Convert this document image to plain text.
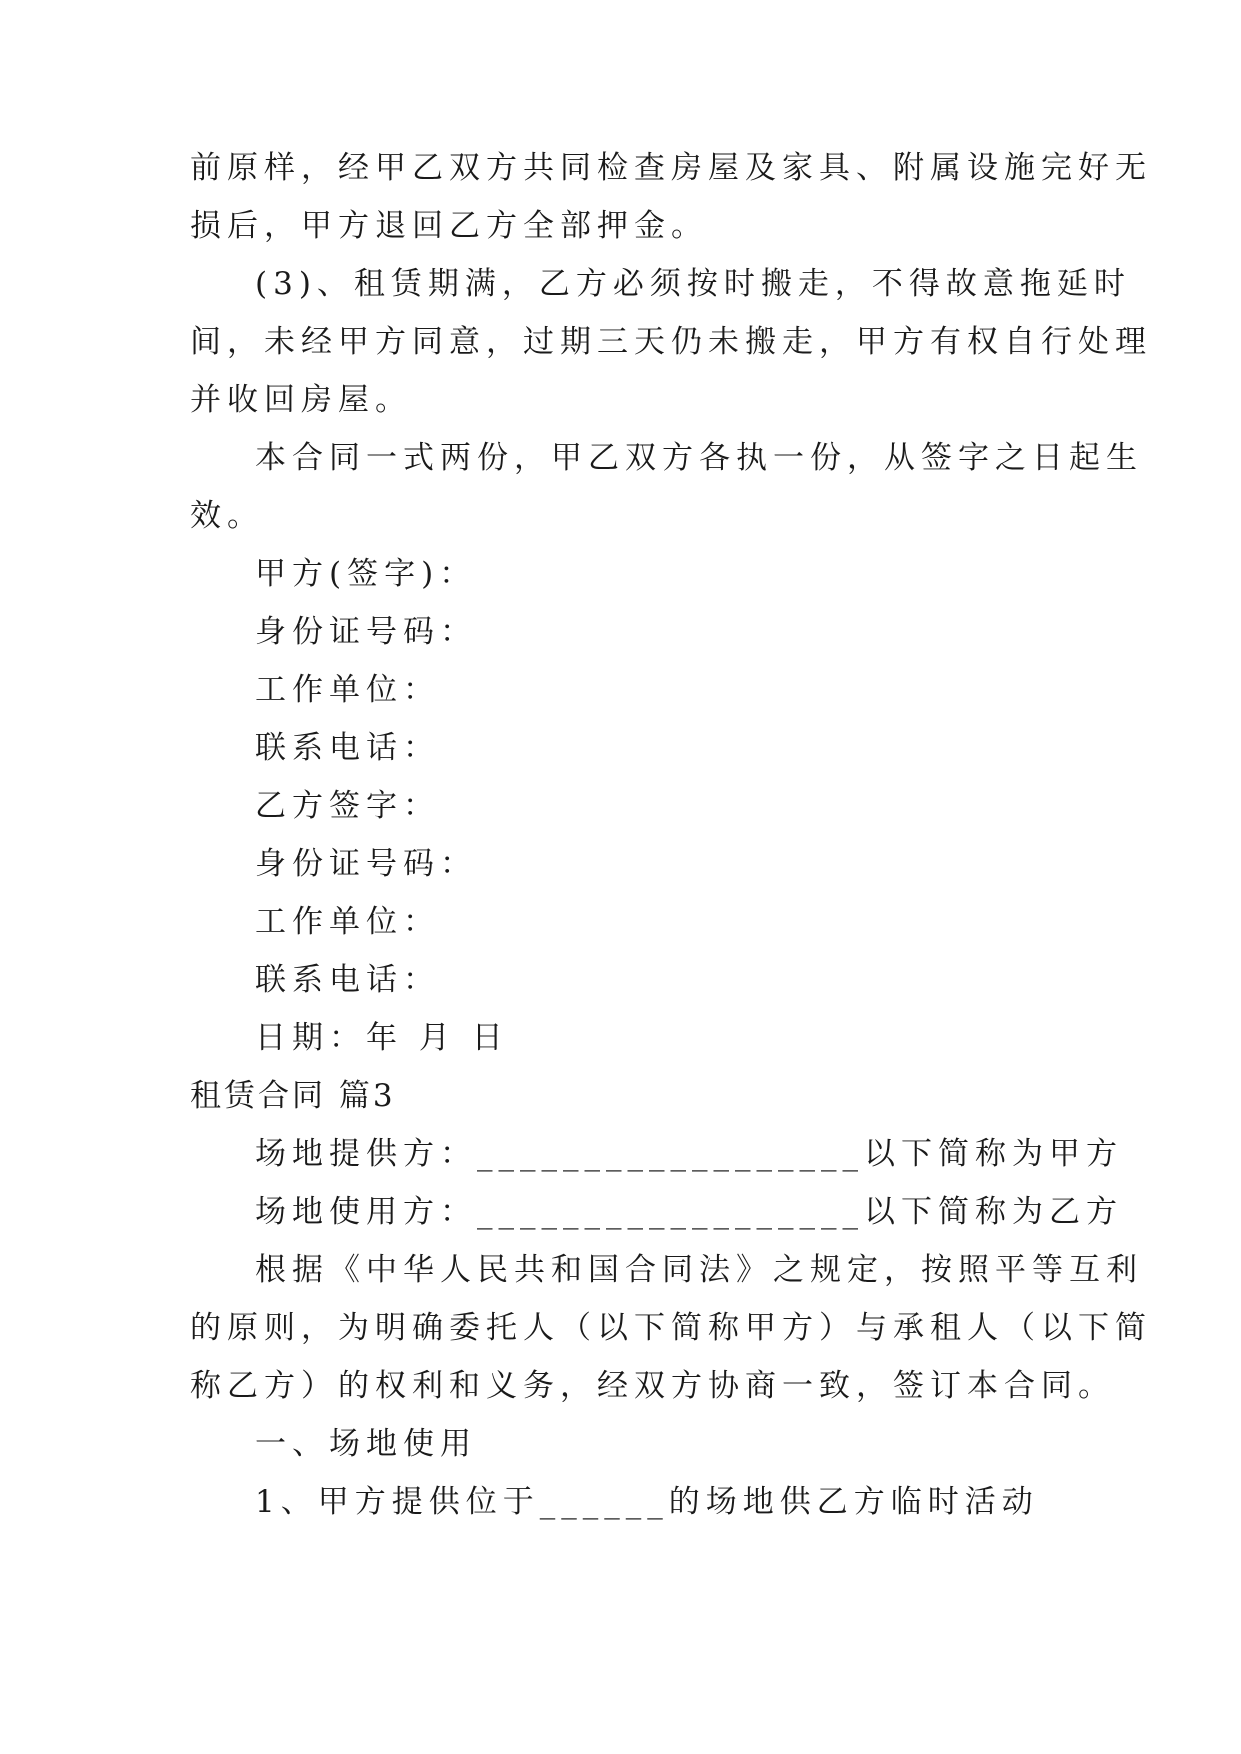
前原样，经甲乙双方共同检查房屋及家具、附属设施完好无
损后，甲方退回乙方全部押金。
(3)、租赁期满，乙方必须按时搬走，不得故意拖延时
间，未经甲方同意，过期三天仍未搬走，甲方有权自行处理
并收回房屋。
本合同一式两份，甲乙双方各执一份，从签字之日起生
效。
甲方(签字)：
身份证号码：
工作单位：
联系电话：
乙方签字：
身份证号码：
工作单位：
联系电话：
日期：年 月 日
租赁合同 篇3
场地提供方：__________________以下简称为甲方
场地使用方：__________________以下简称为乙方
根据《中华人民共和国合同法》之规定，按照平等互利
的原则，为明确委托人（以下简称甲方）与承租人（以下简
称乙方）的权利和义务，经双方协商一致，签订本合同。
一、场地使用
1、甲方提供位于______的场地供乙方临时活动
